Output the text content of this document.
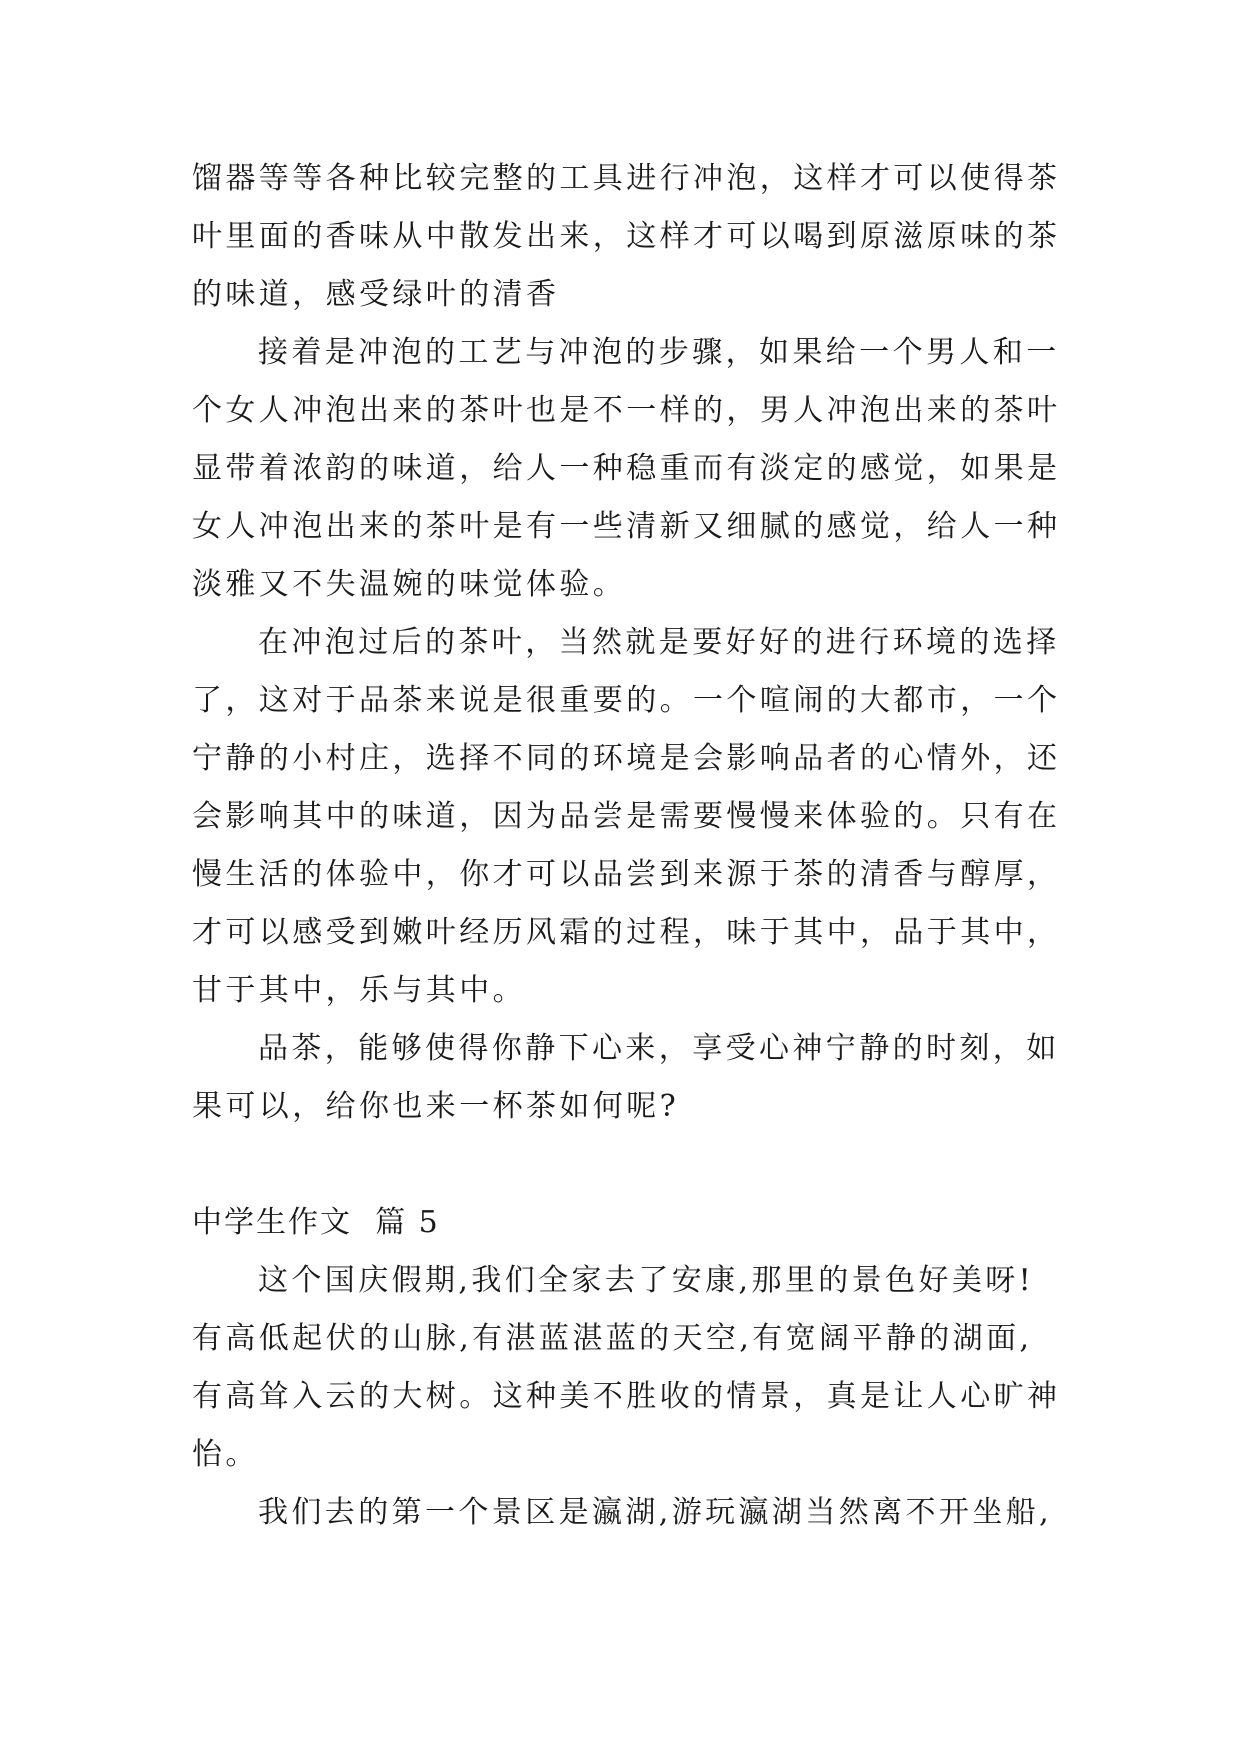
馏器等等各种比较完整的工具进行冲泡，这样才可以使得茶
叶里面的香味从中散发出来，这样才可以喝到原滋原味的茶
的味道，感受绿叶的清香
接着是冲泡的工艺与冲泡的步骤，如果给一个男人和一
个女人冲泡出来的茶叶也是不一样的，男人冲泡出来的茶叶
显带着浓韵的味道，给人一种稳重而有淡定的感觉，如果是
女人冲泡出来的茶叶是有一些清新又细腻的感觉，给人一种
淡雅又不失温婉的味觉体验。
在冲泡过后的茶叶，当然就是要好好的进行环境的选择
了，这对于品茶来说是很重要的。一个喧闹的大都市，一个
宁静的小村庄，选择不同的环境是会影响品者的心情外，还
会影响其中的味道，因为品尝是需要慢慢来体验的。只有在
慢生活的体验中，你才可以品尝到来源于茶的清香与醇厚，
才可以感受到嫩叶经历风霜的过程，味于其中，品于其中，
甘于其中，乐与其中。
品茶，能够使得你静下心来，享受心神宁静的时刻，如
果可以，给你也来一杯茶如何呢?
中学生作文  篇 5
这个国庆假期,我们全家去了安康,那里的景色好美呀!
有高低起伏的山脉,有湛蓝湛蓝的天空,有宽阔平静的湖面,
有高耸入云的大树。这种美不胜收的情景，真是让人心旷神
怡。
我们去的第一个景区是瀛湖,游玩瀛湖当然离不开坐船,
